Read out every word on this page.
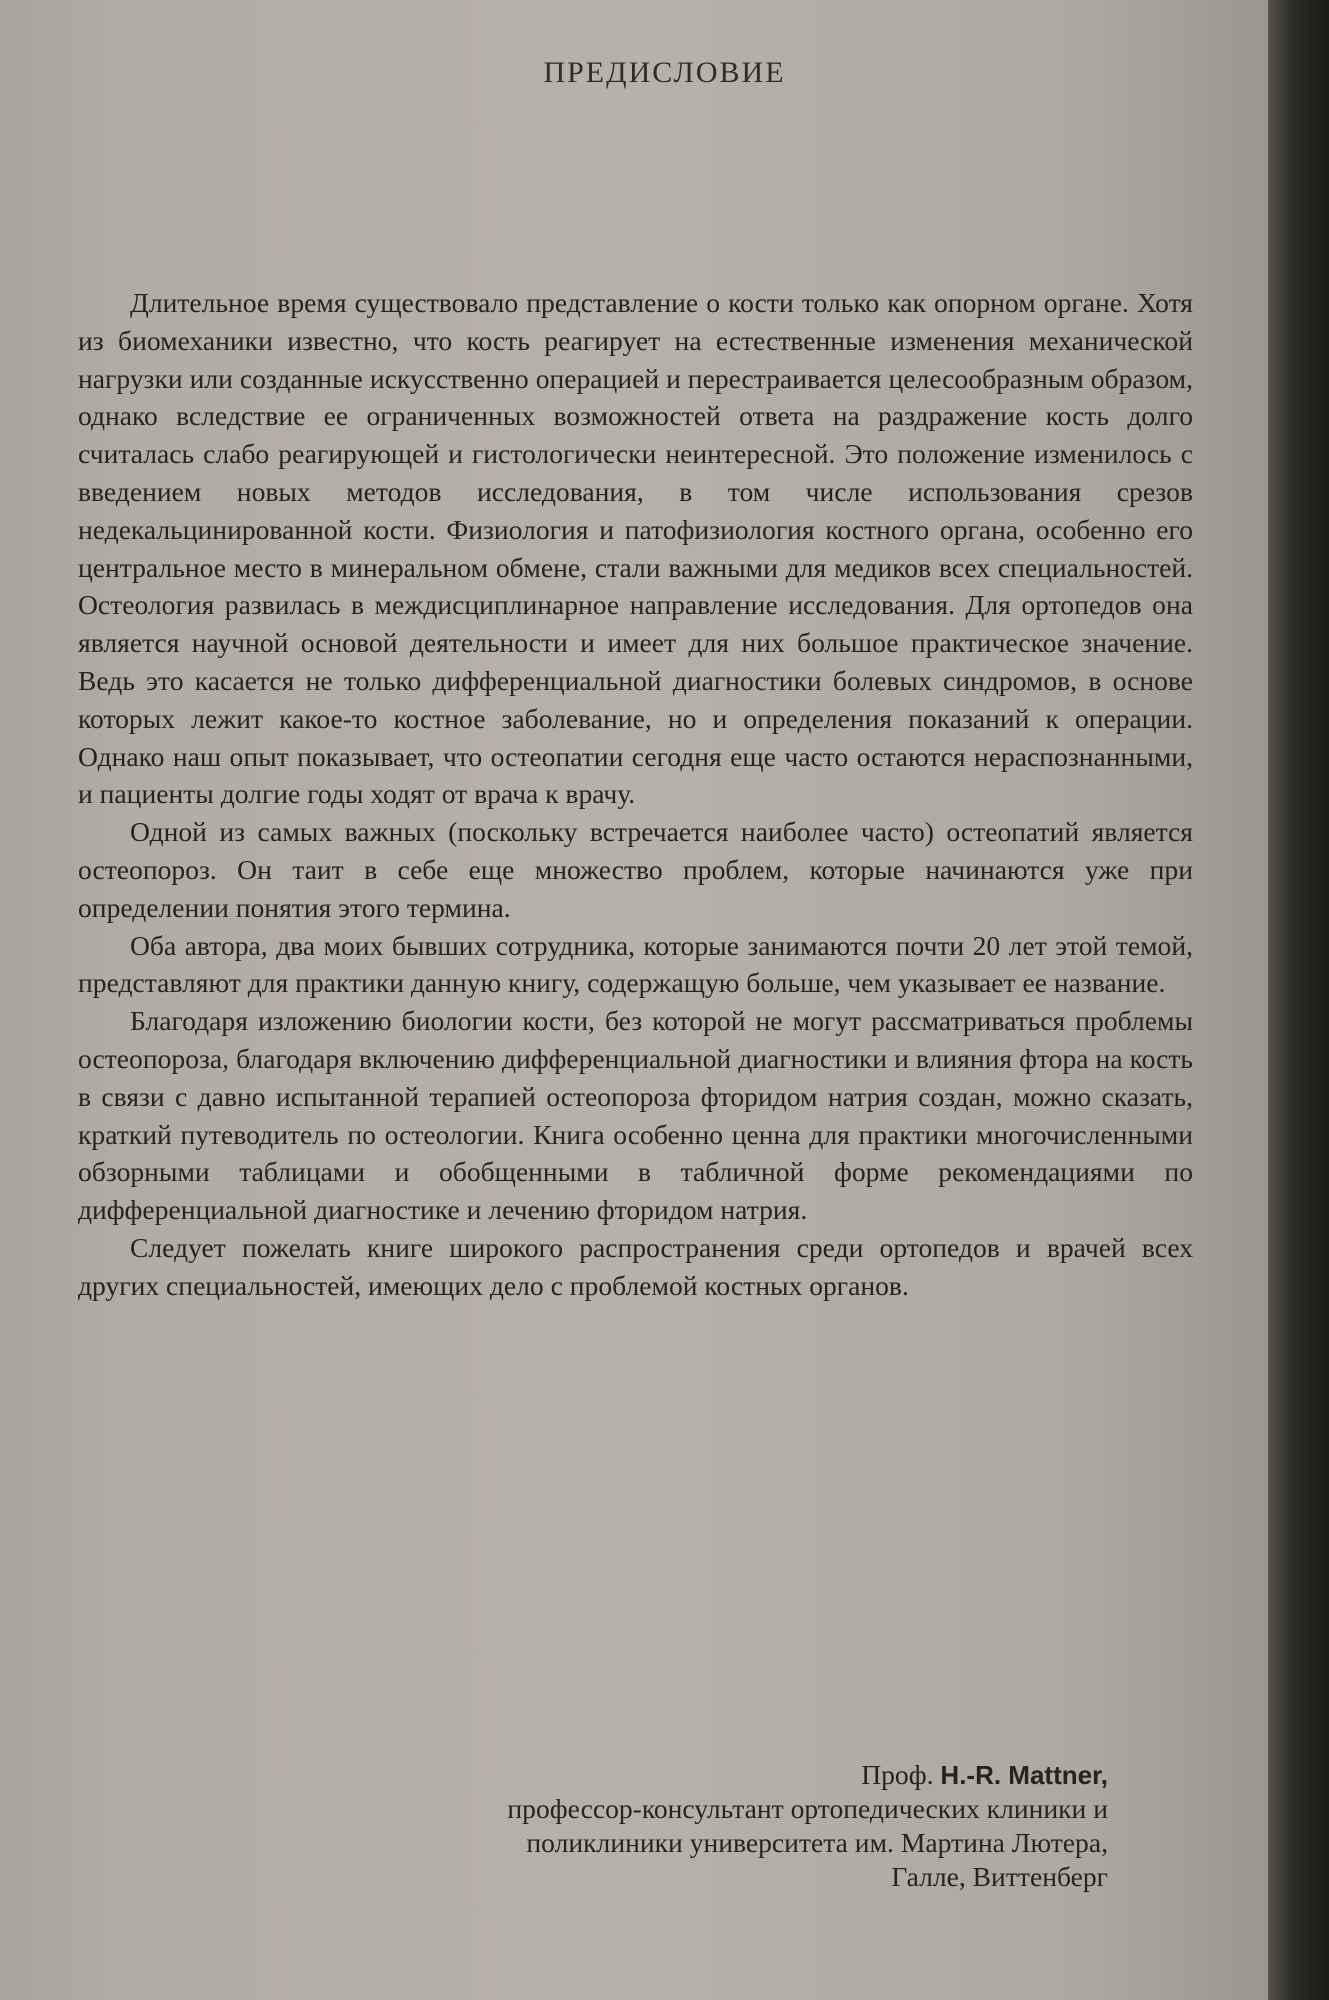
ПРЕДИСЛОВИЕ

Длительное время существовало представление о кости только как опорном органе. Хотя из биомеханики известно, что кость реагирует на естественные изменения механической нагрузки или созданные искусственно операцией и перестраивается целесообразным образом, однако вследствие ее ограниченных возможностей ответа на раздражение кость долго считалась слабо реагирующей и гистологически неинтересной. Это положение изменилось с введением новых методов исследования, в том числе использования срезов недекальцинированной кости. Физиология и патофизиология костного органа, особенно его центральное место в минеральном обмене, стали важными для медиков всех специальностей. Остеология развилась в междисциплинарное направление исследования. Для ортопедов она является научной основой деятельности и имеет для них большое практическое значение. Ведь это касается не только дифференциальной диагностики болевых синдромов, в основе которых лежит какое-то костное заболевание, но и определения показаний к операции. Однако наш опыт показывает, что остеопатии сегодня еще часто остаются нераспознанными, и пациенты долгие годы ходят от врача к врачу.

Одной из самых важных (поскольку встречается наиболее часто) остеопатий является остеопороз. Он таит в себе еще множество проблем, которые начинаются уже при определении понятия этого термина.

Оба автора, два моих бывших сотрудника, которые занимаются почти 20 лет этой темой, представляют для практики данную книгу, содержащую больше, чем указывает ее название.

Благодаря изложению биологии кости, без которой не могут рассматриваться проблемы остеопороза, благодаря включению дифференциальной диагностики и влияния фтора на кость в связи с давно испытанной терапией остеопороза фторидом натрия создан, можно сказать, краткий путеводитель по остеологии. Книга особенно ценна для практики многочисленными обзорными таблицами и обобщенными в табличной форме рекомендациями по дифференциальной диагностике и лечению фторидом натрия.

Следует пожелать книге широкого распространения среди ортопедов и врачей всех других специальностей, имеющих дело с проблемой костных органов.

Проф. H.-R. Mattner,
профессор-консультант ортопедических клиники и
поликлиники университета им. Мартина Лютера,
Галле, Виттенберг
